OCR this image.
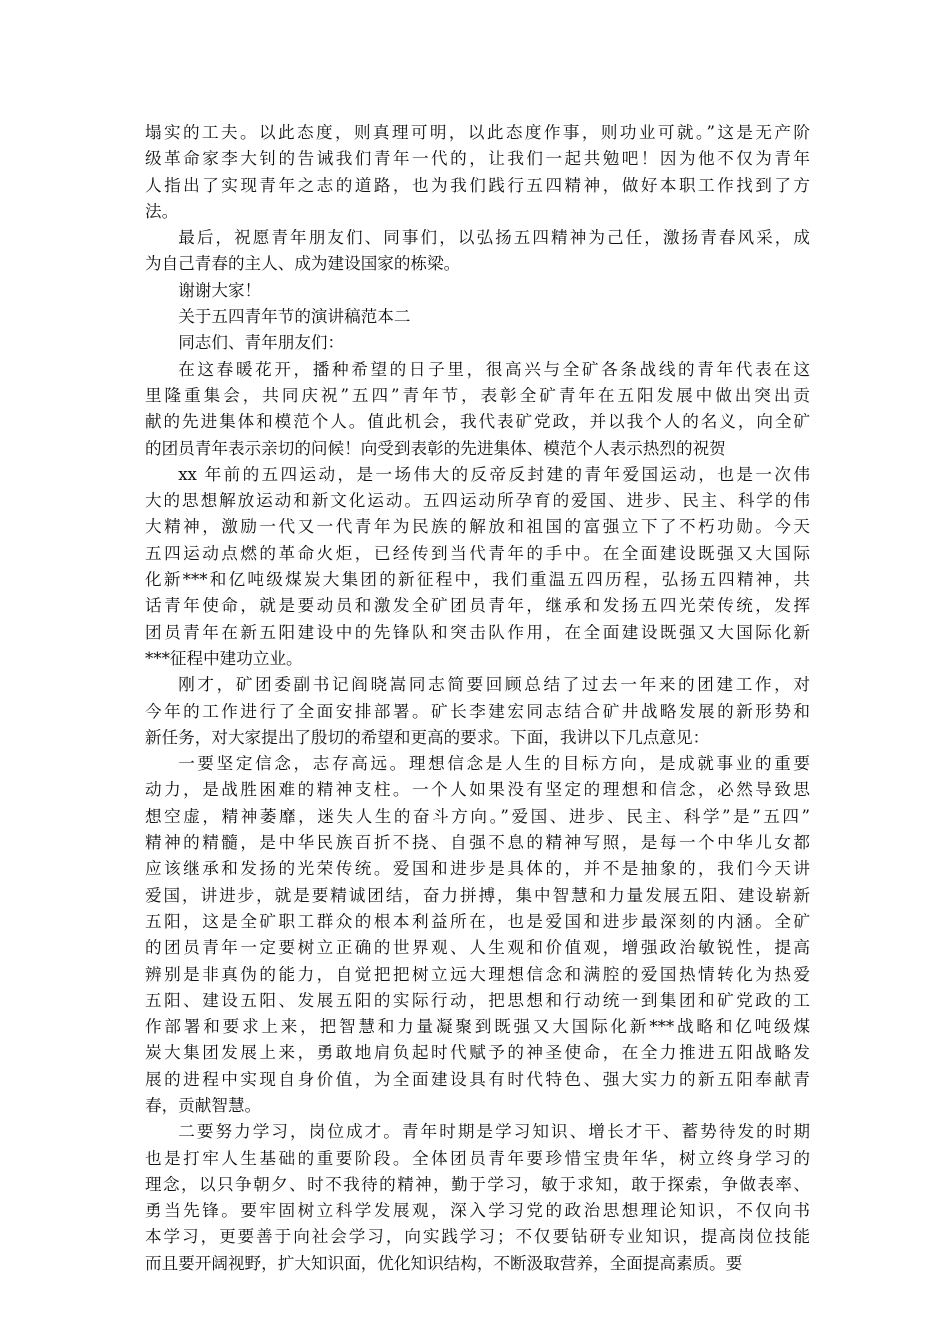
塌实的工夫。以此态度，则真理可明，以此态度作事，则功业可就。”这是无产阶
级革命家李大钊的告诫我们青年一代的，让我们一起共勉吧！因为他不仅为青年
人指出了实现青年之志的道路，也为我们践行五四精神，做好本职工作找到了方
法。
最后，祝愿青年朋友们、同事们，以弘扬五四精神为己任，激扬青春风采，成
为自己青春的主人、成为建设国家的栋梁。
谢谢大家！
关于五四青年节的演讲稿范本二
同志们、青年朋友们：
在这春暖花开，播种希望的日子里，很高兴与全矿各条战线的青年代表在这
里隆重集会，共同庆祝”五四”青年节，表彰全矿青年在五阳发展中做出突出贡
献的先进集体和模范个人。值此机会，我代表矿党政，并以我个人的名义，向全矿
的团员青年表示亲切的问候！向受到表彰的先进集体、模范个人表示热烈的祝贺
xx 年前的五四运动，是一场伟大的反帝反封建的青年爱国运动，也是一次伟
大的思想解放运动和新文化运动。五四运动所孕育的爱国、进步、民主、科学的伟
大精神，激励一代又一代青年为民族的解放和祖国的富强立下了不朽功勋。今天
五四运动点燃的革命火炬，已经传到当代青年的手中。在全面建设既强又大国际
化新***和亿吨级煤炭大集团的新征程中，我们重温五四历程，弘扬五四精神，共
话青年使命，就是要动员和激发全矿团员青年，继承和发扬五四光荣传统，发挥
团员青年在新五阳建设中的先锋队和突击队作用，在全面建设既强又大国际化新
***征程中建功立业。
刚才，矿团委副书记阎晓嵩同志简要回顾总结了过去一年来的团建工作，对
今年的工作进行了全面安排部署。矿长李建宏同志结合矿井战略发展的新形势和
新任务，对大家提出了殷切的希望和更高的要求。下面，我讲以下几点意见：
一要坚定信念，志存高远。理想信念是人生的目标方向，是成就事业的重要
动力，是战胜困难的精神支柱。一个人如果没有坚定的理想和信念，必然导致思
想空虚，精神萎靡，迷失人生的奋斗方向。”爱国、进步、民主、科学”是”五四”
精神的精髓，是中华民族百折不挠、自强不息的精神写照，是每一个中华儿女都
应该继承和发扬的光荣传统。爱国和进步是具体的，并不是抽象的，我们今天讲
爱国，讲进步，就是要精诚团结，奋力拼搏，集中智慧和力量发展五阳、建设崭新
五阳，这是全矿职工群众的根本利益所在，也是爱国和进步最深刻的内涵。全矿
的团员青年一定要树立正确的世界观、人生观和价值观，增强政治敏锐性，提高
辨别是非真伪的能力，自觉把把树立远大理想信念和满腔的爱国热情转化为热爱
五阳、建设五阳、发展五阳的实际行动，把思想和行动统一到集团和矿党政的工
作部署和要求上来，把智慧和力量凝聚到既强又大国际化新***战略和亿吨级煤
炭大集团发展上来，勇敢地肩负起时代赋予的神圣使命，在全力推进五阳战略发
展的进程中实现自身价值，为全面建设具有时代特色、强大实力的新五阳奉献青
春，贡献智慧。
二要努力学习，岗位成才。青年时期是学习知识、增长才干、蓄势待发的时期
也是打牢人生基础的重要阶段。全体团员青年要珍惜宝贵年华，树立终身学习的
理念，以只争朝夕、时不我待的精神，勤于学习，敏于求知，敢于探索，争做表率、
勇当先锋。要牢固树立科学发展观，深入学习党的政治思想理论知识，不仅向书
本学习，更要善于向社会学习，向实践学习；不仅要钻研专业知识，提高岗位技能
而且要开阔视野，扩大知识面，优化知识结构，不断汲取营养，全面提高素质。要
